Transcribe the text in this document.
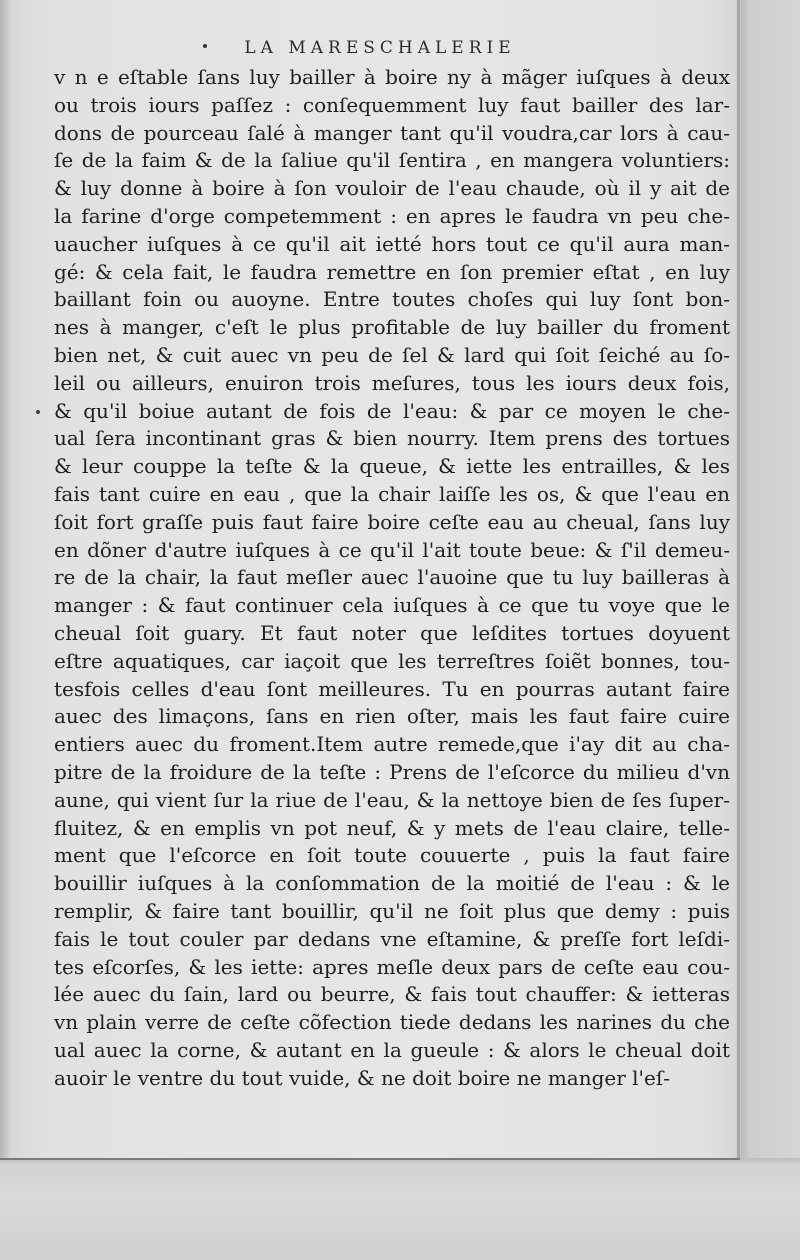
LA MARESCHALERIE
v n e eſtable ſans luy bailler à boire ny à mãger iuſques à deux
ou trois iours paſſez : conſequemment luy faut bailler des lar-
dons de pourceau ſalé à manger tant qu'il voudra,car lors à cau-
ſe de la faim & de la ſaliue qu'il ſentira , en mangera voluntiers:
& luy donne à boire à ſon vouloir de l'eau chaude, où il y ait de
la farine d'orge competemment : en apres le faudra vn peu che-
uaucher iuſques à ce qu'il ait ietté hors tout ce qu'il aura man-
gé: & cela fait, le faudra remettre en ſon premier eſtat , en luy
baillant foin ou auoyne. Entre toutes choſes qui luy ſont bon-
nes à manger, c'eſt le plus profitable de luy bailler du froment
bien net, & cuit auec vn peu de ſel & lard qui ſoit ſeiché au ſo-
leil ou ailleurs, enuiron trois meſures, tous les iours deux fois,
& qu'il boiue autant de fois de l'eau: & par ce moyen le che-
ual ſera incontinant gras & bien nourry. Item prens des tortues
& leur couppe la teſte & la queue, & iette les entrailles, & les
fais tant cuire en eau , que la chair laiſſe les os, & que l'eau en
ſoit fort graſſe puis faut faire boire ceſte eau au cheual, ſans luy
en dõner d'autre iuſques à ce qu'il l'ait toute beue: & ſ'il demeu-
re de la chair, la faut meſler auec l'auoine que tu luy bailleras à
manger : & faut continuer cela iuſques à ce que tu voye que le
cheual ſoit guary. Et faut noter que leſdites tortues doyuent
eſtre aquatiques, car iaçoit que les terreſtres ſoiẽt bonnes, tou-
tesfois celles d'eau ſont meilleures. Tu en pourras autant faire
auec des limaçons, ſans en rien oſter, mais les faut faire cuire
entiers auec du froment.Item autre remede,que i'ay dit au cha-
pitre de la froidure de la teſte : Prens de l'eſcorce du milieu d'vn
aune, qui vient ſur la riue de l'eau, & la nettoye bien de ſes ſuper-
fluitez, & en emplis vn pot neuf, & y mets de l'eau claire, telle-
ment que l'eſcorce en ſoit toute couuerte , puis la faut faire
bouillir iuſques à la conſommation de la moitié de l'eau : & le
remplir, & faire tant bouillir, qu'il ne ſoit plus que demy : puis
fais le tout couler par dedans vne eſtamine, & preſſe fort leſdi-
tes eſcorſes, & les iette: apres meſle deux pars de ceſte eau cou-
lée auec du ſain, lard ou beurre, & fais tout chauffer: & ietteras
vn plain verre de ceſte cõfection tiede dedans les narines du che
ual auec la corne, & autant en la gueule : & alors le cheual doit
auoir le ventre du tout vuide, & ne doit boire ne manger l'eſ-
